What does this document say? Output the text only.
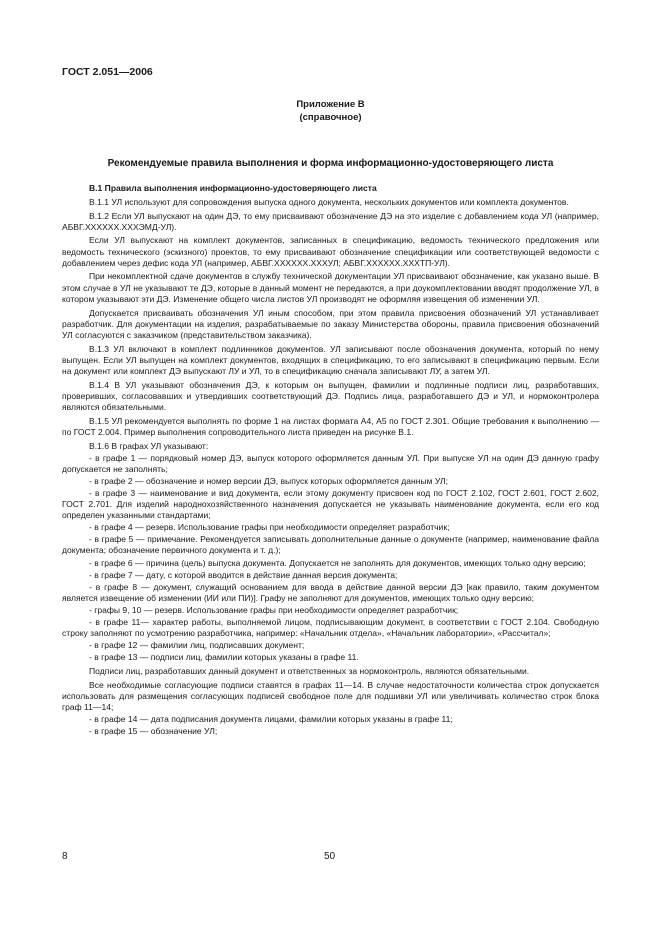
ГОСТ 2.051—2006
Приложение В
(справочное)
Рекомендуемые правила выполнения и форма информационно-удостоверяющего листа

В.1 Правила выполнения информационно-удостоверяющего листа

В.1.1 УЛ используют для сопровождения выпуска одного документа, нескольких документов или комплекта документов.

В.1.2 Если УЛ выпускают на один ДЭ, то ему присваивают обозначение ДЭ на это изделие с добавлением кода УЛ (например, АБВГ.XXXXXX.XXXЭМД-УЛ).

Если УЛ выпускают на комплект документов, записанных в спецификацию, ведомость технического предложения или ведомость технического (эскизного) проектов, то ему присваивают обозначение спецификации или соответствующей ведомости с добавлением через дефис кода УЛ (например, АБВГ.XXXXXX.XXXУЛ; АБВГ.XXXXXX.XXXТП-УЛ).

При некомплектной сдаче документов в службу технической документации УЛ присваивают обозначение, как указано выше. В этом случае в УЛ не указывают те ДЭ, которые в данный момент не передаются, а при доукомплектовании вводят продолжение УЛ, в котором указывают эти ДЭ. Изменение общего числа листов УЛ производят не оформляя извещения об изменении УЛ.

Допускается присваивать обозначения УЛ иным способом, при этом правила присвоения обозначений УЛ устанавливает разработчик. Для документации на изделия, разрабатываемые по заказу Министерства обороны, правила присвоения обозначений УЛ согласуются с заказчиком (представительством заказчика).

В.1.3 УЛ включают в комплект подлинников документов. УЛ записывают после обозначения документа, который по нему выпущен. Если УЛ выпущен на комплект документов, входящих в спецификацию, то его записывают в спецификацию первым. Если на документ или комплект ДЭ выпускают ЛУ и УЛ, то в спецификацию сначала записывают ЛУ, а затем УЛ.

В.1.4 В УЛ указывают обозначения ДЭ, к которым он выпущен, фамилии и подлинные подписи лиц, разработавших, проверивших, согласовавших и утвердивших соответствующий ДЭ. Подпись лица, разработавшего ДЭ и УЛ, и нормоконтролера являются обязательными.

В.1.5 УЛ рекомендуется выполнять по форме 1 на листах формата А4, А5 по ГОСТ 2.301. Общие требования к выполнению — по ГОСТ 2.004. Пример выполнения сопроводительного листа приведен на рисунке В.1.

В.1.6 В графах УЛ указывают:

- в графе 1 — порядковый номер ДЭ, выпуск которого оформляется данным УЛ. При выпуске УЛ на один ДЭ данную графу допускается не заполнять;

- в графе 2 — обозначение и номер версии ДЭ, выпуск которых оформляется данным УЛ;

- в графе 3 — наименование и вид документа, если этому документу присвоен код по ГОСТ 2.102, ГОСТ 2.601, ГОСТ 2.602, ГОСТ 2.701. Для изделий народнохозяйственного назначения допускается не указывать наименование документа, если его код определен указанными стандартами;

- в графе 4 — резерв. Использование графы при необходимости определяет разработчик;

- в графе 5 — примечание. Рекомендуется записывать дополнительные данные о документе (например, наименование файла документа; обозначение первичного документа и т. д.);

- в графе 6 — причина (цель) выпуска документа. Допускается не заполнять для документов, имеющих только одну версию;

- в графе 7 — дату, с которой вводится в действие данная версия документа;

- в графе 8 — документ, служащий основанием для ввода в действие данной версии ДЭ [как правило, таким документом является извещение об изменении (ИИ или ПИ)]. Графу не заполняют для документов, имеющих только одну версию;

- графы 9, 10 — резерв. Использование графы при необходимости определяет разработчик;

- в графе 11— характер работы, выполняемой лицом, подписывающим документ, в соответствии с ГОСТ 2.104. Свободную строку заполняют по усмотрению разработчика, например: «Начальник отдела», «Начальник лаборатории», «Рассчитал»;

- в графе 12 — фамилии лиц, подписавших документ;

- в графе 13 — подписи лиц, фамилии которых указаны в графе 11.

Подписи лиц, разработавших данный документ и ответственных за нормоконтроль, являются обязательными.

Все необходимые согласующие подписи ставятся в графах 11—14. В случае недостаточности количества строк допускается использовать для размещения согласующих подписей свободное поле для подшивки УЛ или увеличивать количество строк блока граф 11—14;

- в графе 14 — дата подписания документа лицами, фамилии которых указаны в графе 11;

- в графе 15 — обозначение УЛ;

8	50
